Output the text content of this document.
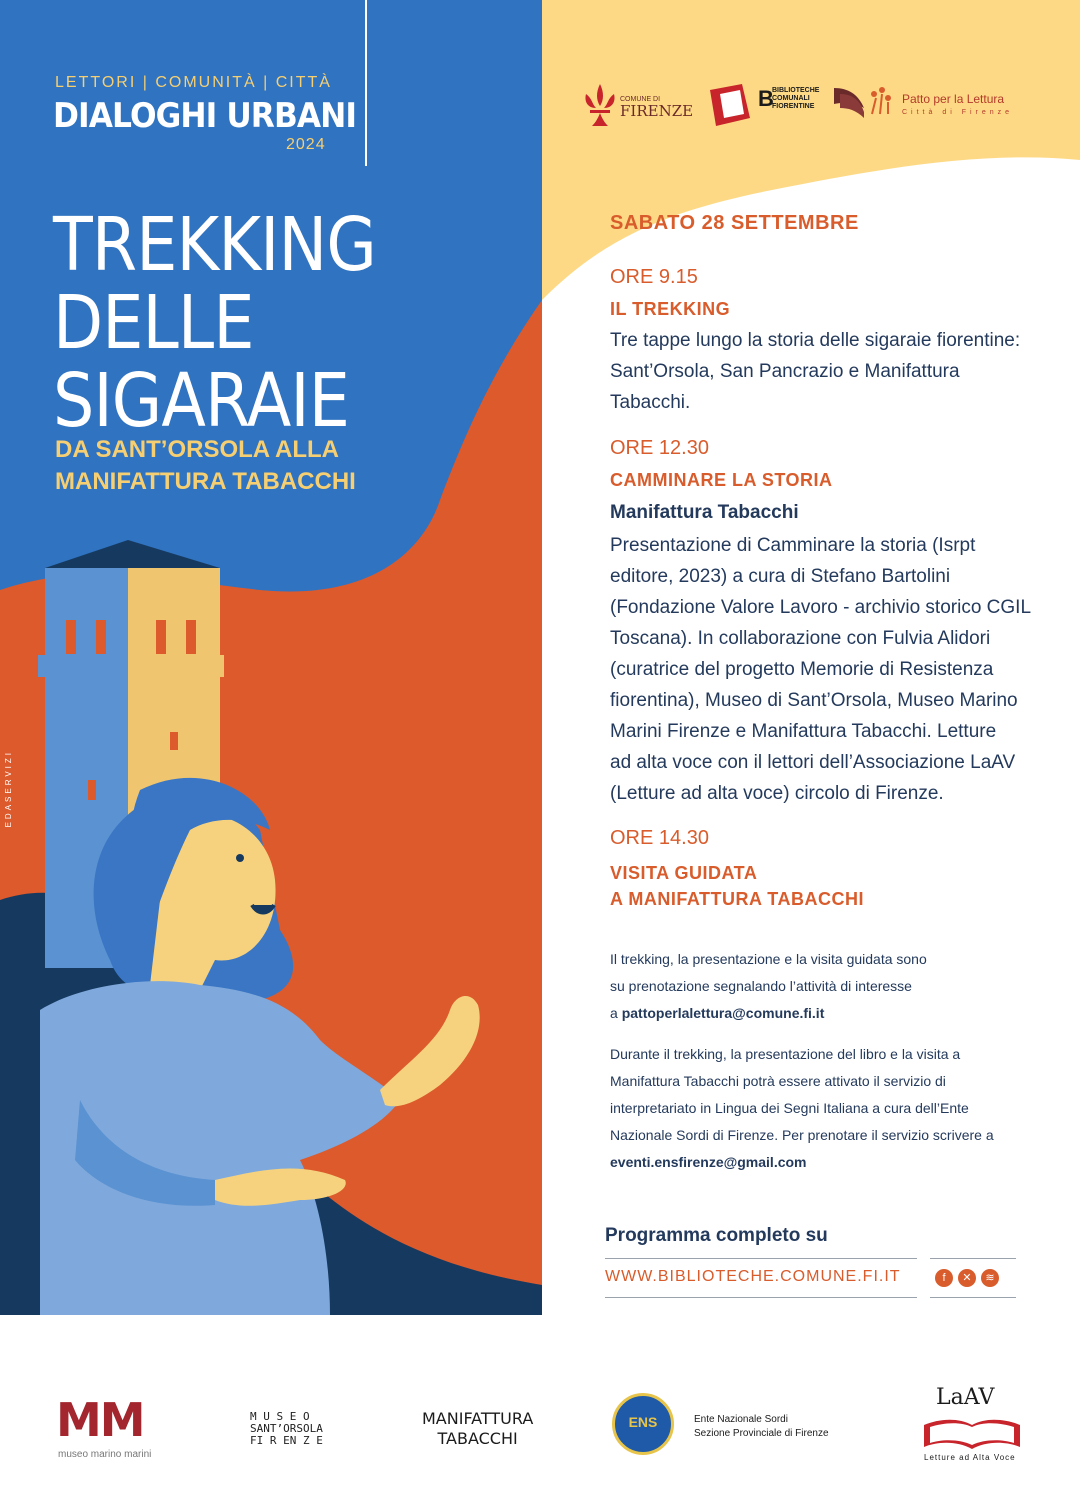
LETTORI | COMUNITÀ | CITTÀ
DIALOGHI URBANI
2024
TREKKING
DELLE SIGARAIE
DA SANT’ORSOLA ALLA
MANIFATTURA TABACCHI
EDASERVIZI
COMUNE DI
FIRENZE	B
BIBLIOTECHE
COMUNALI
FIORENTINE
Patto per la Lettura
Città di Firenze
SABATO 28 SETTEMBRE
ORE 9.15
IL TREKKING
Tre tappe lungo la storia delle sigaraie fiorentine:
Sant’Orsola, San Pancrazio e Manifattura
Tabacchi.
ORE 12.30
CAMMINARE LA STORIA
Manifattura Tabacchi
Presentazione di Camminare la storia (Isrpt
editore, 2023) a cura di Stefano Bartolini
(Fondazione Valore Lavoro - archivio storico CGIL
Toscana). In collaborazione con Fulvia Alidori
(curatrice del progetto Memorie di Resistenza
fiorentina), Museo di Sant’Orsola, Museo Marino
Marini Firenze e Manifattura Tabacchi. Letture
ad alta voce con il lettori dell’Associazione LaAV
(Letture ad alta voce) circolo di Firenze.
ORE 14.30
VISITA GUIDATA
A MANIFATTURA TABACCHI
Il trekking, la presentazione e la visita guidata sono
su prenotazione segnalando l’attività di interesse
a pattoperlalettura@comune.fi.it
Durante il trekking, la presentazione del libro e la visita a
Manifattura Tabacchi potrà essere attivato il servizio di
interpretariato in Lingua dei Segni Italiana a cura dell’Ente
Nazionale Sordi di Firenze. Per prenotare il servizio scrivere a
eventi.ensfirenze@gmail.com
Programma completo su
WWW.BIBLIOTECHE.COMUNE.FI.IT	f ✕ ≋
MM
museo marino marini
M U S E O
SANT’ORSOLA
FI R EN Z E
MANIFATTURA
TABACCHI
ENS	Ente Nazionale Sordi
Sezione Provinciale di Firenze
LaAV
Letture ad Alta Voce
